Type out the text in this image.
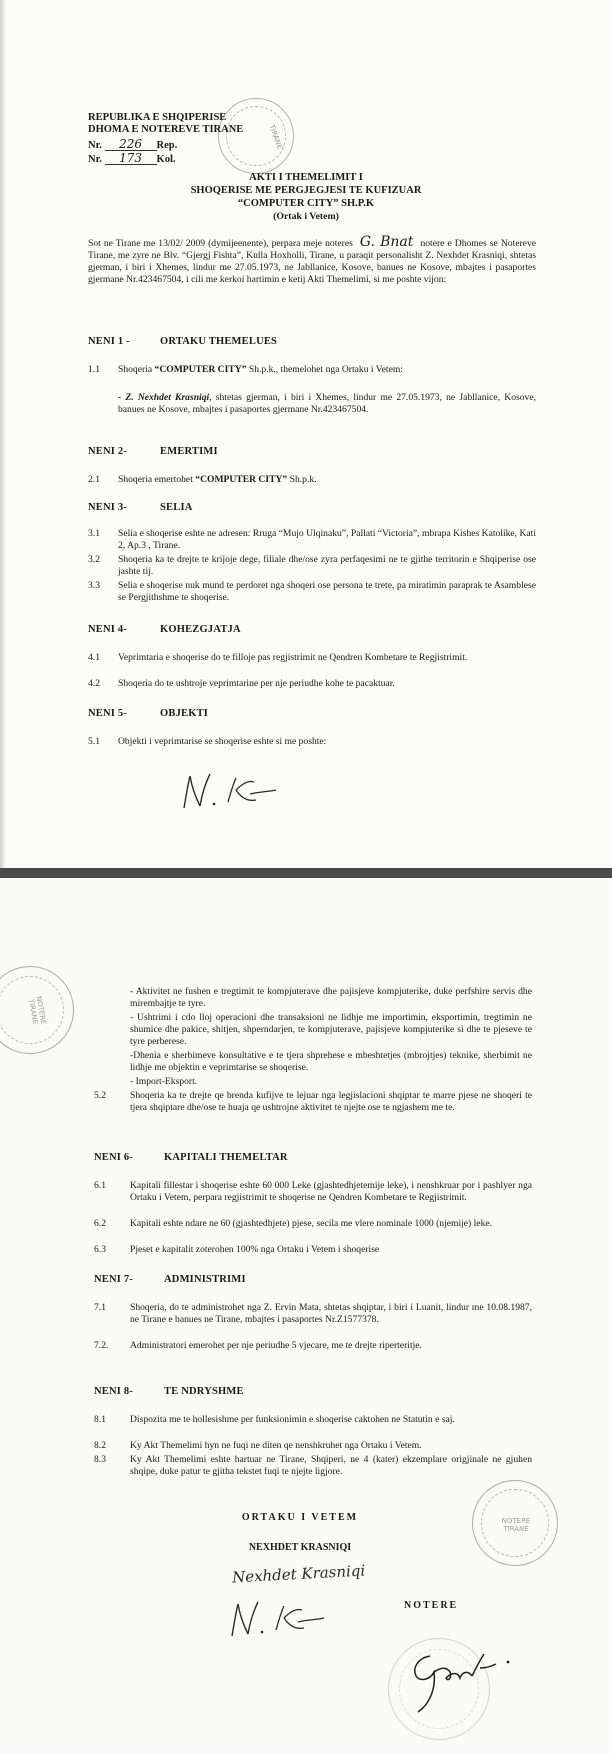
TIRANE
REPUBLIKA E SHQIPERISE
DHOMA E NOTEREVE TIRANE
Nr. 226 Rep.
Nr. 173 Kol.
AKTI I THEMELIMIT I
SHOQERISE ME PERGJEGJESI TE KUFIZUAR
“COMPUTER CITY” SH.P.K
(Ortak i Vetem)
Sot ne Tirane me 13/02/ 2009 (dymijeenente), perpara meje noteres G. Bnat notere e Dhomes se Notereve Tirane, me zyre ne Blv. “Gjergj Fishta”, Kulla Hoxholli, Tirane, u paraqit personalisht Z. Nexhdet Krasniqi, shtetas gjerman, i biri i Xhemes, lindur me 27.05.1973, ne Jabllanice, Kosove, banues ne Kosove, mbajtes i pasaportes gjermane Nr.423467504, i cili me kerkoi hartimin e ketij Akti Themelimi, si me poshte vijon:
NENI 1 -	ORTAKU THEMELUES
1.1 Shoqeria “COMPUTER CITY” Sh.p.k., themelohet nga Ortaku i Vetem:
- Z. Nexhdet Krasniqi, shtetas gjerman, i biri i Xhemes, lindur me 27.05.1973, ne Jabllanice, Kosove, banues ne Kosove, mbajtes i pasaportes gjermane Nr.423467504.
NENI 2-	EMERTIMI
2.1 Shoqeria emertohet “COMPUTER CITY” Sh.p.k.
NENI 3-	SELIA
3.1 Selia e shoqerise eshte ne adresen: Rruga “Mujo Ulqinaku”, Pallati “Victoria”, mbrapa Kishes Katolike, Kati 2, Ap.3 , Tirane.
3.2 Shoqeria ka te drejte te krijoje dege, filiale dhe/ose zyra perfaqesimi ne te gjithe territorin e Shqiperise ose jashte tij.
3.3 Selia e shoqerise nuk mund te perdoret nga shoqeri ose persona te trete, pa miratimin paraprak te Asamblese se Pergjithshme te shoqerise.
NENI 4-	KOHEZGJATJA
4.1 Veprimtaria e shoqerise do te filloje pas regjistrimit ne Qendren Kombetare te Regjistrimit.
4.2 Shoqeria do te ushtroje veprimtarine per nje periudhe kohe te pacaktuar.
NENI 5-	OBJEKTI
5.1 Objekti i veprimtarise se shoqerise eshte si me poshte:
NOTERE TIRANE
- Aktivitet ne fushen e tregtimit te kompjuterave dhe pajisjeve kompjuterike, duke perfshire servis dhe mirembajtje te tyre.
- Ushtrimi i cdo lloj operacioni dhe transaksioni ne lidhje me importimin, eksportimin, tregtimin ne shumice dhe pakice, shitjen, shperndarjen, te kompjuterave, pajisjeve kompjuterike si dhe te pjeseve te tyre perberese.
-Dhenia e sherbimeve konsultative e te tjera shprehese e mbeshtetjes (mbrojtjes) teknike, sherbimit ne lidhje me objektin e veprimtarise se shoqerise.
- Import-Eksport.
5.2	Shoqeria ka te drejte qe brenda kufijve te lejuar nga legjislacioni shqiptar te marre pjese ne shoqeri te tjera shqiptare dhe/ose te huaja qe ushtrojne aktivitet te njejte ose te ngjashem me te.
NENI 6-	KAPITALI THEMELTAR
6.1	Kapitali fillestar i shoqerise eshte 60 000 Leke (gjashtedhjetemije leke), i nenshkruar por i pashlyer nga Ortaku i Vetem, perpara regjistrimit te shoqerise ne Qendren Kombetare te Regjistrimit.
6.2	Kapitali eshte ndare ne 60 (gjashtedhjete) pjese, secila me vlere nominale 1000 (njemije) leke.
6.3	Pjeset e kapitalit zoterohen 100% nga Ortaku i Vetem i shoqerise
NENI 7-	ADMINISTRIMI
7.1	Shoqeria, do te administrohet nga Z. Ervin Mata, shtetas shqiptar, i biri i Luanit, lindur me 10.08.1987, ne Tirane e banues ne Tirane, mbajtes i pasaportes Nr.Z1577378.
7.2. Administratori emerohet per nje periudhe 5 vjecare, me te drejte riperteritje.
NENI 8-	TE NDRYSHME
8.1	Dispozita me te hollesishme per funksionimin e shoqerise caktohen ne Statutin e saj.
8.2	Ky Akt Themelimi hyn ne fuqi ne diten qe nenshkruhet nga Ortaku i Vetem.
8.3	Ky Akt Themelimi eshte hartuar ne Tirane, Shqiperi, ne 4 (kater) ekzemplare origjinale ne gjuhen shqipe, duke patur te gjitha tekstet fuqi te njejte ligjore.
ORTAKU I VETEM
NEXHDET KRASNIQI
Nexhdet Krasniqi
NOTERE
NOTERE TIRANE
